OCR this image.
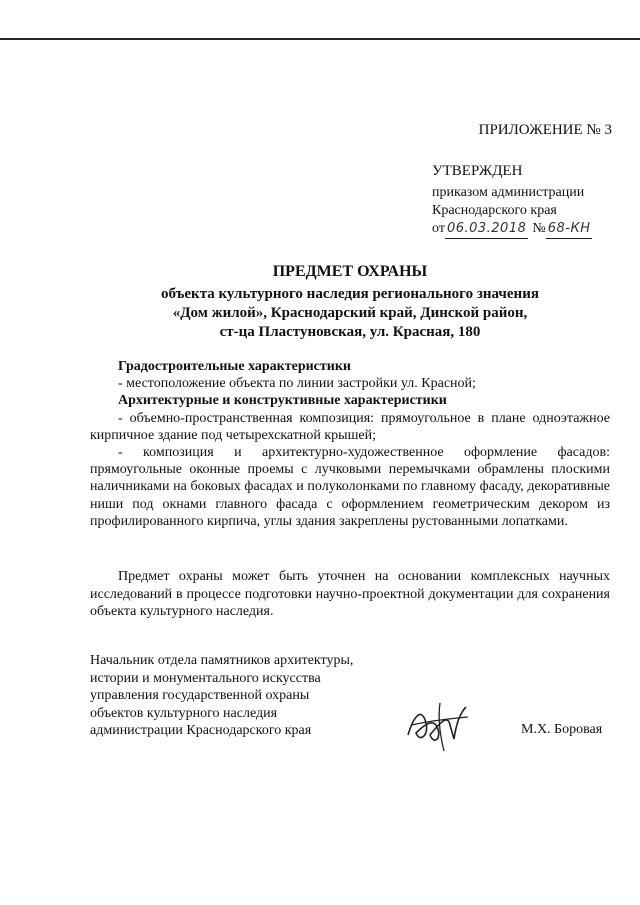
ПРИЛОЖЕНИЕ № 3
УТВЕРЖДЕН
приказом администрации
Краснодарского края
от 06.03.2018 № 68-КН
ПРЕДМЕТ ОХРАНЫ
объекта культурного наследия регионального значения
«Дом жилой», Краснодарский край, Динской район,
ст-ца Пластуновская, ул. Красная, 180
Градостроительные характеристики
- местоположение объекта по линии застройки ул. Красной;
Архитектурные и конструктивные характеристики
- объемно-пространственная композиция: прямоугольное в плане одноэтажное кирпичное здание под четырехскатной крышей;
- композиция и архитектурно-художественное оформление фасадов: прямоугольные оконные проемы с лучковыми перемычками обрамлены плоскими наличниками на боковых фасадах и полуколонками по главному фасаду, декоративные ниши под окнами главного фасада с оформлением геометрическим декором из профилированного кирпича, углы здания закреплены рустованными лопатками.
Предмет охраны может быть уточнен на основании комплексных научных исследований в процессе подготовки научно-проектной документации для сохранения объекта культурного наследия.
Начальник отдела памятников архитектуры,
истории и монументального искусства
управления государственной охраны
объектов культурного наследия
администрации Краснодарского края	М.Х. Боровая
